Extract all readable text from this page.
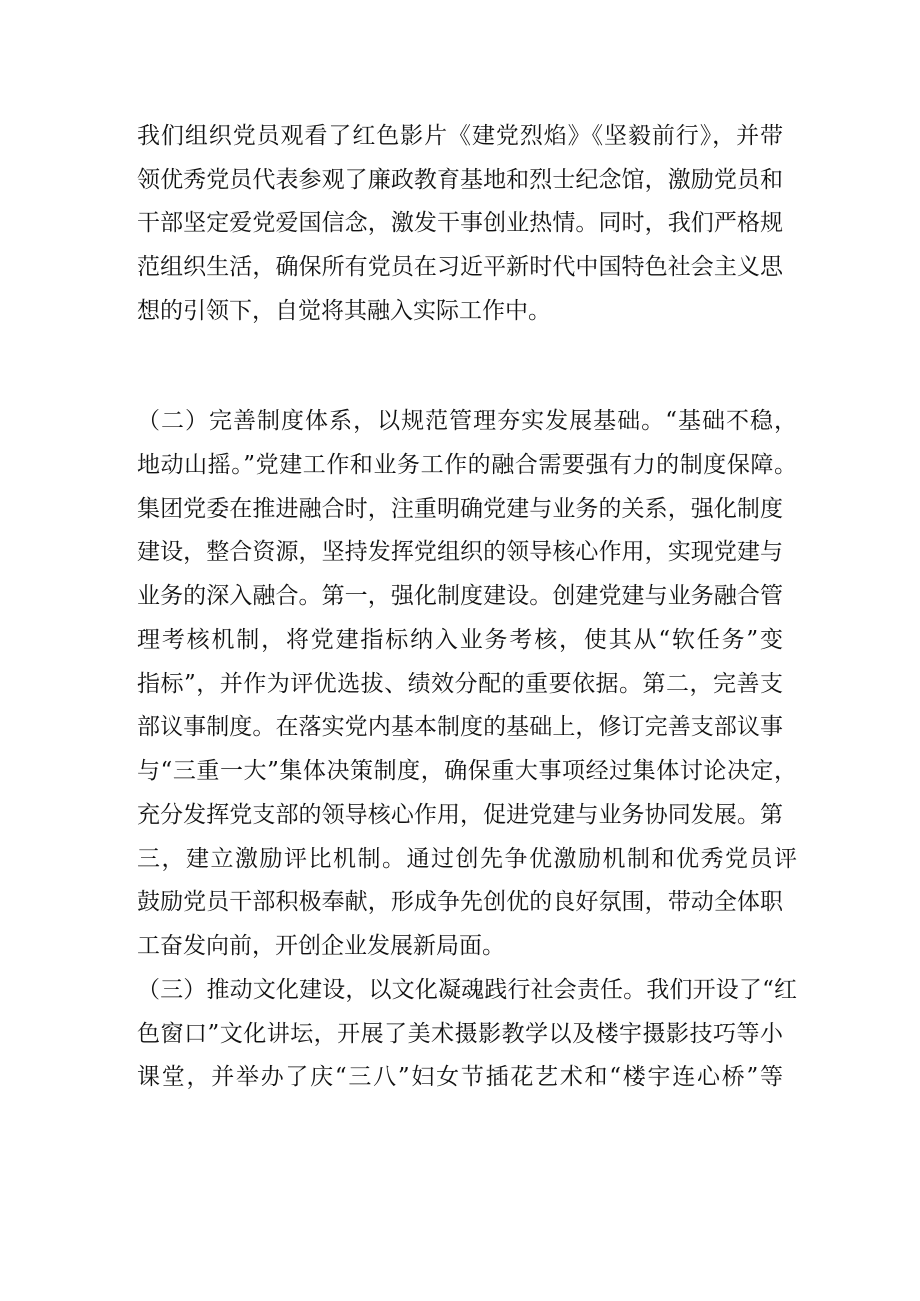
我们组织党员观看了红色影片《建党烈焰》《坚毅前行》，并带
领优秀党员代表参观了廉政教育基地和烈士纪念馆，激励党员和
干部坚定爱党爱国信念，激发干事创业热情。同时，我们严格规
范组织生活，确保所有党员在习近平新时代中国特色社会主义思
想的引领下，自觉将其融入实际工作中。
（二）完善制度体系，以规范管理夯实发展基础。“基础不稳，
地动山摇。”党建工作和业务工作的融合需要强有力的制度保障。
集团党委在推进融合时，注重明确党建与业务的关系，强化制度
建设，整合资源，坚持发挥党组织的领导核心作用，实现党建与
业务的深入融合。第一，强化制度建设。创建党建与业务融合管
理考核机制，将党建指标纳入业务考核，使其从“软任务”变
指标”，并作为评优选拔、绩效分配的重要依据。第二，完善支
部议事制度。在落实党内基本制度的基础上，修订完善支部议事
与“三重一大”集体决策制度，确保重大事项经过集体讨论决定，
充分发挥党支部的领导核心作用，促进党建与业务协同发展。第
三，建立激励评比机制。通过创先争优激励机制和优秀党员评
鼓励党员干部积极奉献，形成争先创优的良好氛围，带动全体职
工奋发向前，开创企业发展新局面。
（三）推动文化建设，以文化凝魂践行社会责任。我们开设了“红
色窗口”文化讲坛，开展了美术摄影教学以及楼宇摄影技巧等小
课堂，并举办了庆“三八”妇女节插花艺术和“楼宇连心桥”等
